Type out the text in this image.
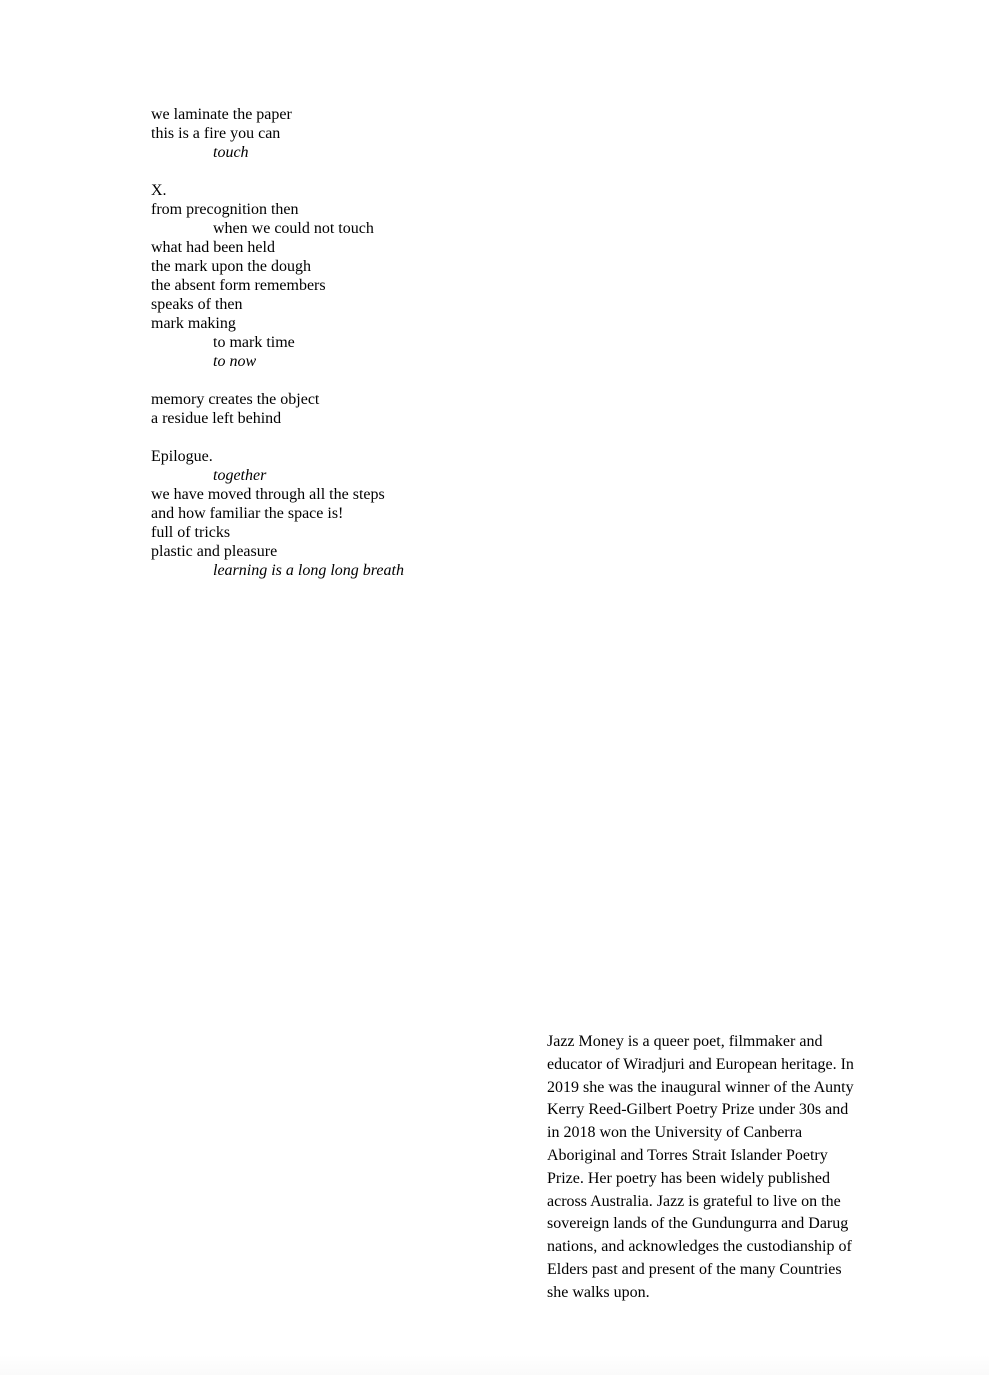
we laminate the paper
this is a fire you can
touch
X.
from precognition then
when we could not touch
what had been held
the mark upon the dough
the absent form remembers
speaks of then
mark making
to mark time
to now
memory creates the object
a residue left behind
Epilogue.
together
we have moved through all the steps
and how familiar the space is!
full of tricks
plastic and pleasure
learning is a long long breath
Jazz Money is a queer poet, filmmaker and
educator of Wiradjuri and European heritage. In
2019 she was the inaugural winner of the Aunty
Kerry Reed-Gilbert Poetry Prize under 30s and
in 2018 won the University of Canberra
Aboriginal and Torres Strait Islander Poetry
Prize. Her poetry has been widely published
across Australia. Jazz is grateful to live on the
sovereign lands of the Gundungurra and Darug
nations, and acknowledges the custodianship of
Elders past and present of the many Countries
she walks upon.
